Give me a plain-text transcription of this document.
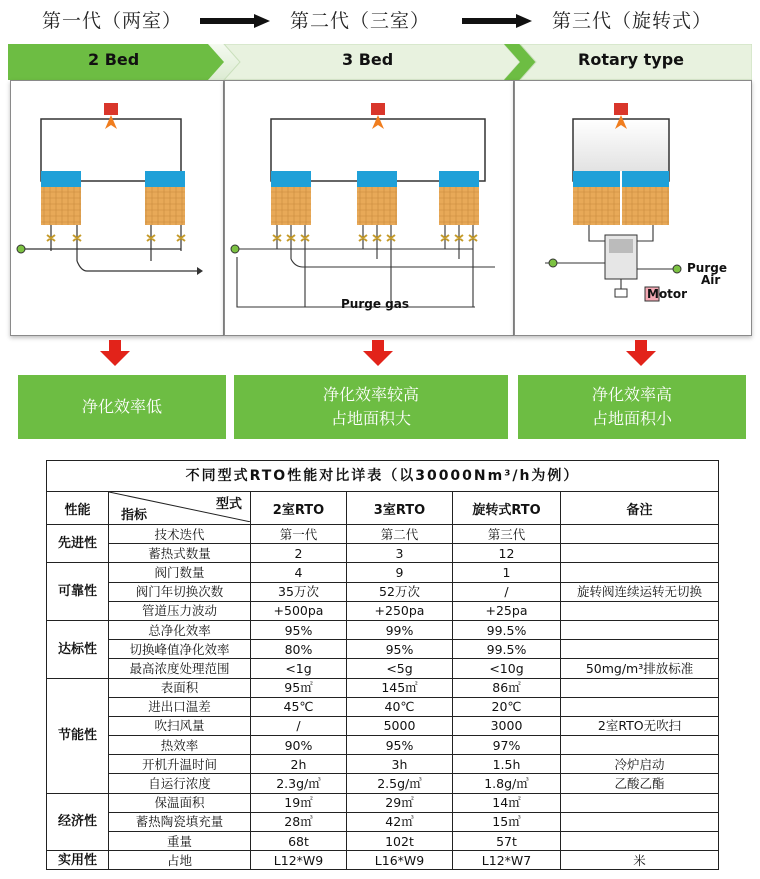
第一代（两室）	第二代（三室）	第三代（旋转式）
2 Bed	3 Bed	Rotary type
Purge gas
Purge
Air
Motor
净化效率低
净化效率较高
占地面积大
净化效率高
占地面积小
不同型式RTO性能对比详表（以30000Nm³/h为例）					
性能	型式
指标	2室RTO	3室RTO	旋转式RTO	备注
先进性	技术迭代	第一代	第二代	第三代	
	蓄热式数量	2	3	12	
可靠性	阀门数量	4	9	1	
	阀门年切换次数	35万次	52万次	/	旋转阀连续运转无切换
	管道压力波动	+500pa	+250pa	+25pa	
达标性	总净化效率	95%	99%	99.5%	
	切换峰值净化效率	80%	95%	99.5%	
	最高浓度处理范围	<1g	<5g	<10g	50mg/m³排放标准
节能性	表面积	95㎡	145㎡	86㎡	
	进出口温差	45℃	40℃	20℃	
	吹扫风量	/	5000	3000	2室RTO无吹扫
	热效率	90%	95%	97%	
	开机升温时间	2h	3h	1.5h	冷炉启动
	自运行浓度	2.3g/㎥	2.5g/㎥	1.8g/㎥	乙酸乙酯
经济性	保温面积	19㎡	29㎡	14㎡	
	蓄热陶瓷填充量	28㎥	42㎥	15㎥	
	重量	68t	102t	57t	
实用性	占地	L12*W9	L16*W9	L12*W7	米
